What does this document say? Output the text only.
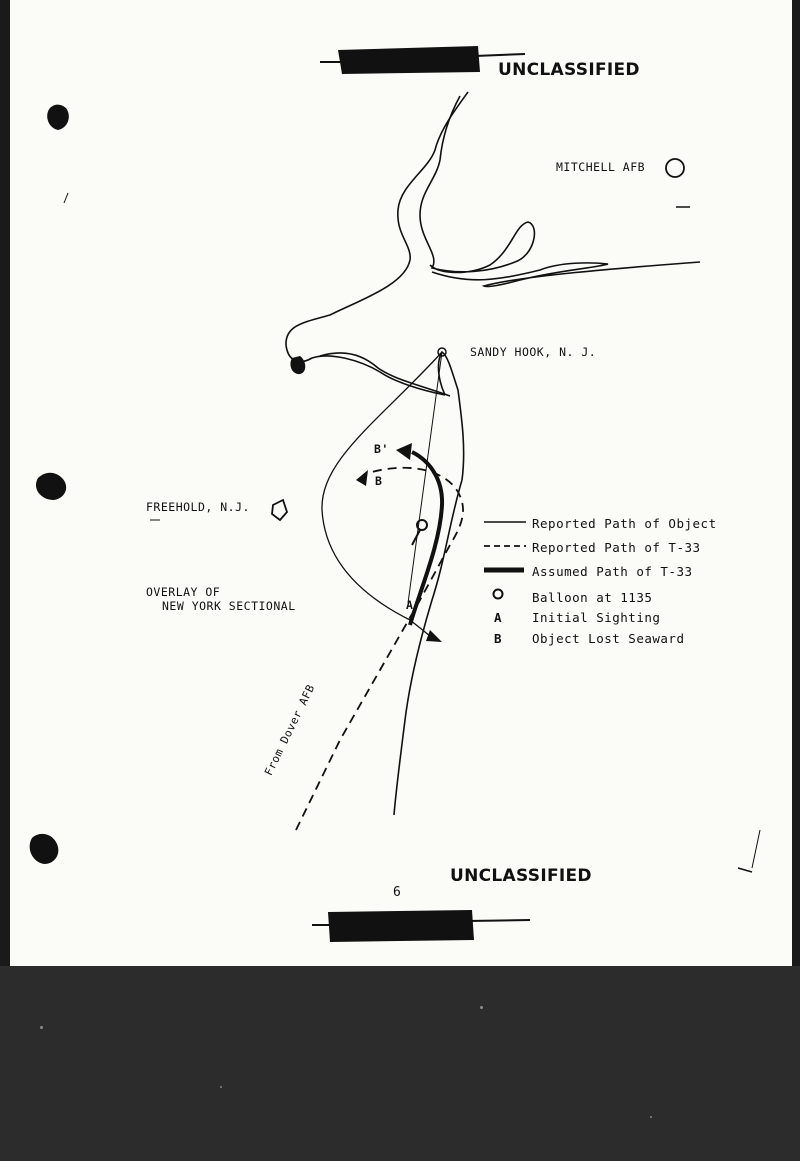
UNCLASSIFIED
MITCHELL AFB
SANDY HOOK, N. J.
FREEHOLD, N.J.
OVERLAY OF
NEW YORK SECTIONAL
B'
B
A
From Dover AFB
Reported Path of Object
Reported Path of T-33
Assumed Path of T-33
Balloon at 1135
A Initial Sighting
B Object Lost Seaward
UNCLASSIFIED
6
